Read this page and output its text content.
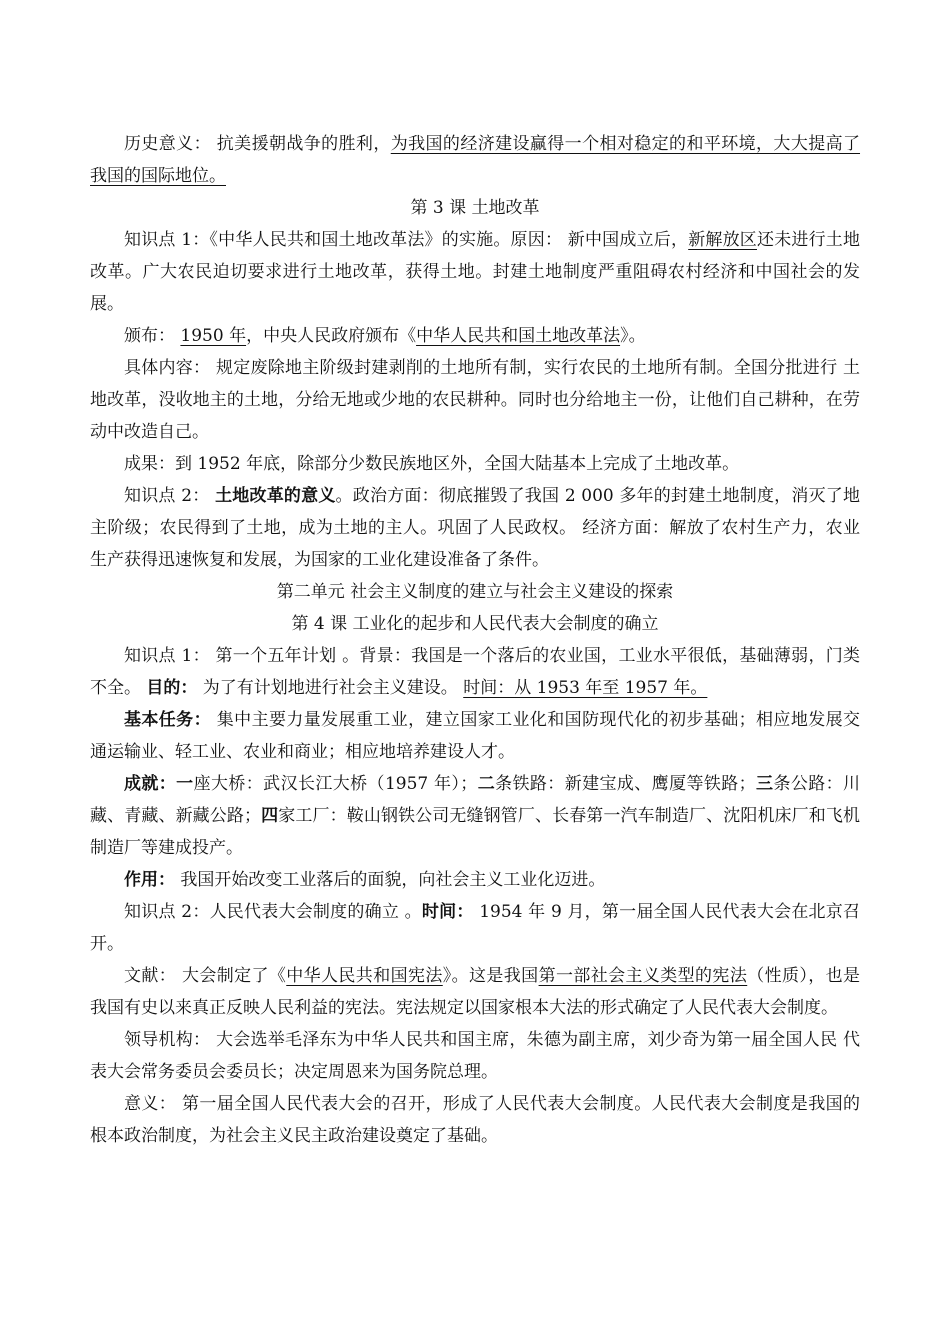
历史意义： 抗美援朝战争的胜利，为我国的经济建设赢得一个相对稳定的和平环境，大大提高了我国的国际地位。

第 3 课 土地改革

知识点 1：《中华人民共和国土地改革法》的实施。原因： 新中国成立后，新解放区还未进行土地改革。广大农民迫切要求进行土地改革，获得土地。封建土地制度严重阻碍农村经济和中国社会的发展。

颁布： 1950 年，中央人民政府颁布《中华人民共和国土地改革法》。

具体内容： 规定废除地主阶级封建剥削的土地所有制，实行农民的土地所有制。全国分批进行 土地改革，没收地主的土地，分给无地或少地的农民耕种。同时也分给地主一份，让他们自己耕种，在劳动中改造自己。

成果：到 1952 年底，除部分少数民族地区外，全国大陆基本上完成了土地改革。

知识点 2： 土地改革的意义。政治方面：彻底摧毁了我国 2 000 多年的封建土地制度，消灭了地主阶级；农民得到了土地，成为土地的主人。巩固了人民政权。 经济方面：解放了农村生产力，农业生产获得迅速恢复和发展，为国家的工业化建设准备了条件。

第二单元 社会主义制度的建立与社会主义建设的探索

第 4 课 工业化的起步和人民代表大会制度的确立

知识点 1： 第一个五年计划 。背景：我国是一个落后的农业国，工业水平很低，基础薄弱，门类不全。 目的： 为了有计划地进行社会主义建设。 时间：从 1953 年至 1957 年。

基本任务： 集中主要力量发展重工业，建立国家工业化和国防现代化的初步基础；相应地发展交通运输业、轻工业、农业和商业；相应地培养建设人才。

成就：一座大桥：武汉长江大桥（1957 年）；二条铁路：新建宝成、鹰厦等铁路；三条公路：川藏、青藏、新藏公路；四家工厂：鞍山钢铁公司无缝钢管厂、长春第一汽车制造厂、沈阳机床厂和飞机制造厂等建成投产。

作用： 我国开始改变工业落后的面貌，向社会主义工业化迈进。

知识点 2：人民代表大会制度的确立 。时间： 1954 年 9 月，第一届全国人民代表大会在北京召开。

文献： 大会制定了《中华人民共和国宪法》。这是我国第一部社会主义类型的宪法（性质），也是我国有史以来真正反映人民利益的宪法。宪法规定以国家根本大法的形式确定了人民代表大会制度。

领导机构： 大会选举毛泽东为中华人民共和国主席，朱德为副主席，刘少奇为第一届全国人民 代表大会常务委员会委员长；决定周恩来为国务院总理。

意义： 第一届全国人民代表大会的召开，形成了人民代表大会制度。人民代表大会制度是我国的根本政治制度，为社会主义民主政治建设奠定了基础。
